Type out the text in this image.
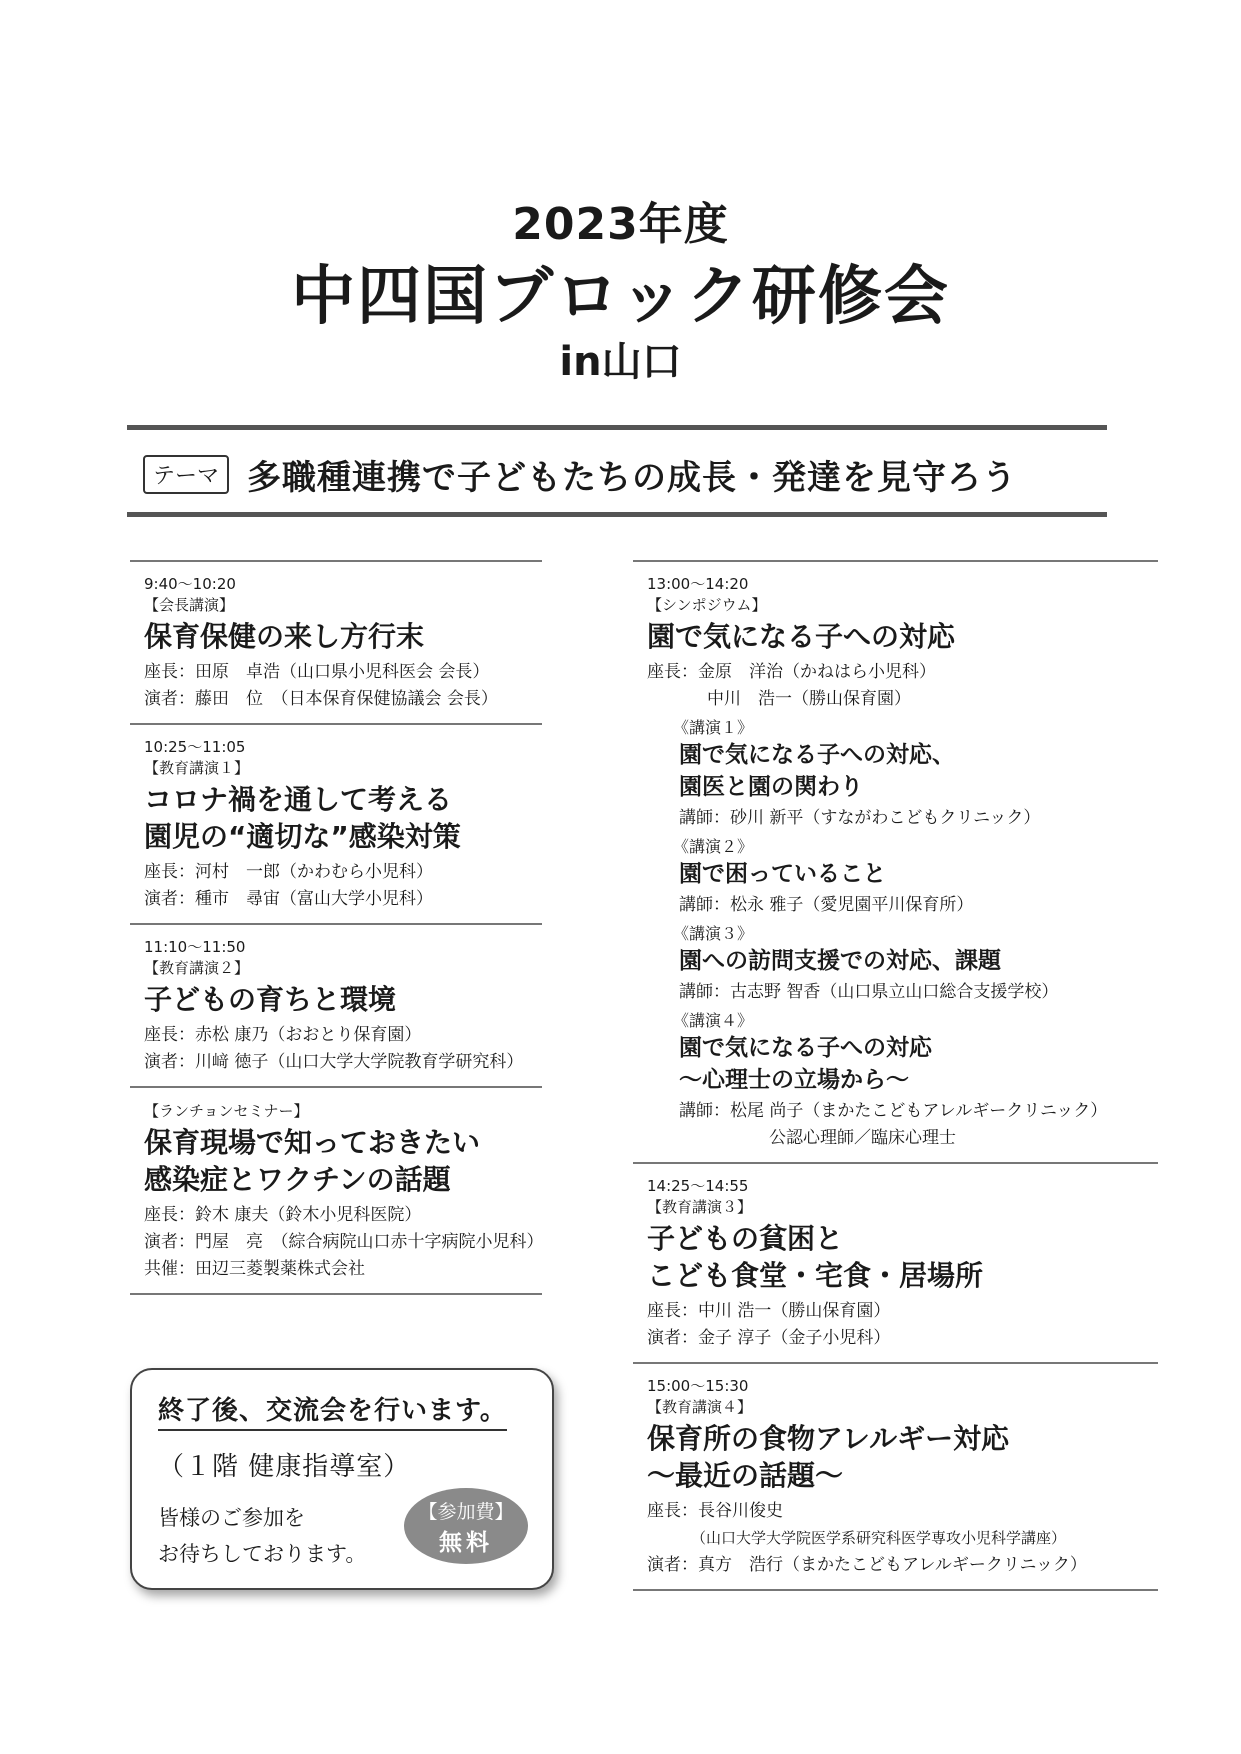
2023年度
中四国ブロック研修会
in山口
テーマ 多職種連携で子どもたちの成長・発達を見守ろう
9:40～10:20
【会長講演】
保育保健の来し方行末
座長：田原　卓浩（山口県小児科医会 会長）
演者：藤田　位　（日本保育保健協議会 会長）
10:25～11:05
【教育講演１】
コロナ禍を通して考える
園児の“適切な”感染対策
座長：河村　一郎（かわむら小児科）
演者：種市　尋宙（富山大学小児科）
11:10～11:50
【教育講演２】
子どもの育ちと環境
座長：赤松 康乃（おおとり保育園）
演者：川﨑 徳子（山口大学大学院教育学研究科）
【ランチョンセミナー】
保育現場で知っておきたい
感染症とワクチンの話題
座長：鈴木 康夫（鈴木小児科医院）
演者：門屋　亮　（綜合病院山口赤十字病院小児科）
共催：田辺三菱製薬株式会社
13:00～14:20
【シンポジウム】
園で気になる子への対応
座長：金原　洋治（かねはら小児科）
中川　浩一（勝山保育園）
《講演１》
園で気になる子への対応、
園医と園の関わり
講師：砂川 新平（すながわこどもクリニック）
《講演２》
園で困っていること
講師：松永 雅子（愛児園平川保育所）
《講演３》
園への訪問支援での対応、課題
講師：古志野 智香（山口県立山口総合支援学校）
《講演４》
園で気になる子への対応
～心理士の立場から～
講師：松尾 尚子（まかたこどもアレルギークリニック）
公認心理師／臨床心理士
14:25～14:55
【教育講演３】
子どもの貧困と
こども食堂・宅食・居場所
座長：中川 浩一（勝山保育園）
演者：金子 淳子（金子小児科）
15:00～15:30
【教育講演４】
保育所の食物アレルギー対応
～最近の話題～
座長：長谷川俊史
（山口大学大学院医学系研究科医学専攻小児科学講座）
演者：真方　浩行（まかたこどもアレルギークリニック）
終了後、交流会を行います。
（１階 健康指導室）
皆様のご参加を
お待ちしております。
【参加費】
無料
